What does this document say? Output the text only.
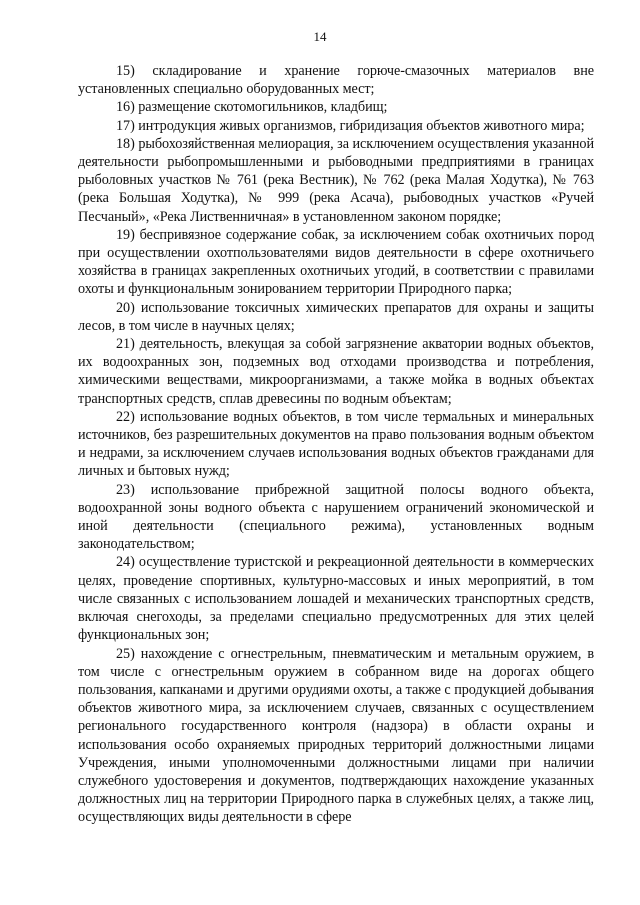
14

15) складирование и хранение горюче-смазочных материалов вне установленных специально оборудованных мест;

16) размещение скотомогильников, кладбищ;

17) интродукция живых организмов, гибридизация объектов животного мира;

18) рыбохозяйственная мелиорация, за исключением осуществления указанной деятельности рыбопромышленными и рыбоводными предприятиями в границах рыболовных участков № 761 (река Вестник), № 762 (река Малая Ходутка), № 763 (река Большая Ходутка), № 999 (река Асача), рыбоводных участков «Ручей Песчаный», «Река Лиственничная» в установленном законом порядке;

19) беспривязное содержание собак, за исключением собак охотничьих пород при осуществлении охотпользователями видов деятельности в сфере охотничьего хозяйства в границах закрепленных охотничьих угодий, в соответствии с правилами охоты и функциональным зонированием территории Природного парка;

20) использование токсичных химических препаратов для охраны и защиты лесов, в том числе в научных целях;

21) деятельность, влекущая за собой загрязнение акватории водных объектов, их водоохранных зон, подземных вод отходами производства и потребления, химическими веществами, микроорганизмами, а также мойка в водных объектах транспортных средств, сплав древесины по водным объектам;

22) использование водных объектов, в том числе термальных и минеральных источников, без разрешительных документов на право пользования водным объектом и недрами, за исключением случаев использования водных объектов гражданами для личных и бытовых нужд;

23) использование прибрежной защитной полосы водного объекта, водоохранной зоны водного объекта с нарушением ограничений экономической и иной деятельности (специального режима), установленных водным законодательством;

24) осуществление туристской и рекреационной деятельности в коммерческих целях, проведение спортивных, культурно-массовых и иных мероприятий, в том числе связанных с использованием лошадей и механических транспортных средств, включая снегоходы, за пределами специально предусмотренных для этих целей функциональных зон;

25) нахождение с огнестрельным, пневматическим и метальным оружием, в том числе с огнестрельным оружием в собранном виде на дорогах общего пользования, капканами и другими орудиями охоты, а также с продукцией добывания объектов животного мира, за исключением случаев, связанных с осуществлением регионального государственного контроля (надзора) в области охраны и использования особо охраняемых природных территорий должностными лицами Учреждения, иными уполномоченными должностными лицами при наличии служебного удостоверения и документов, подтверждающих нахождение указанных должностных лиц на территории Природного парка в служебных целях, а также лиц, осуществляющих виды деятельности в сфере
